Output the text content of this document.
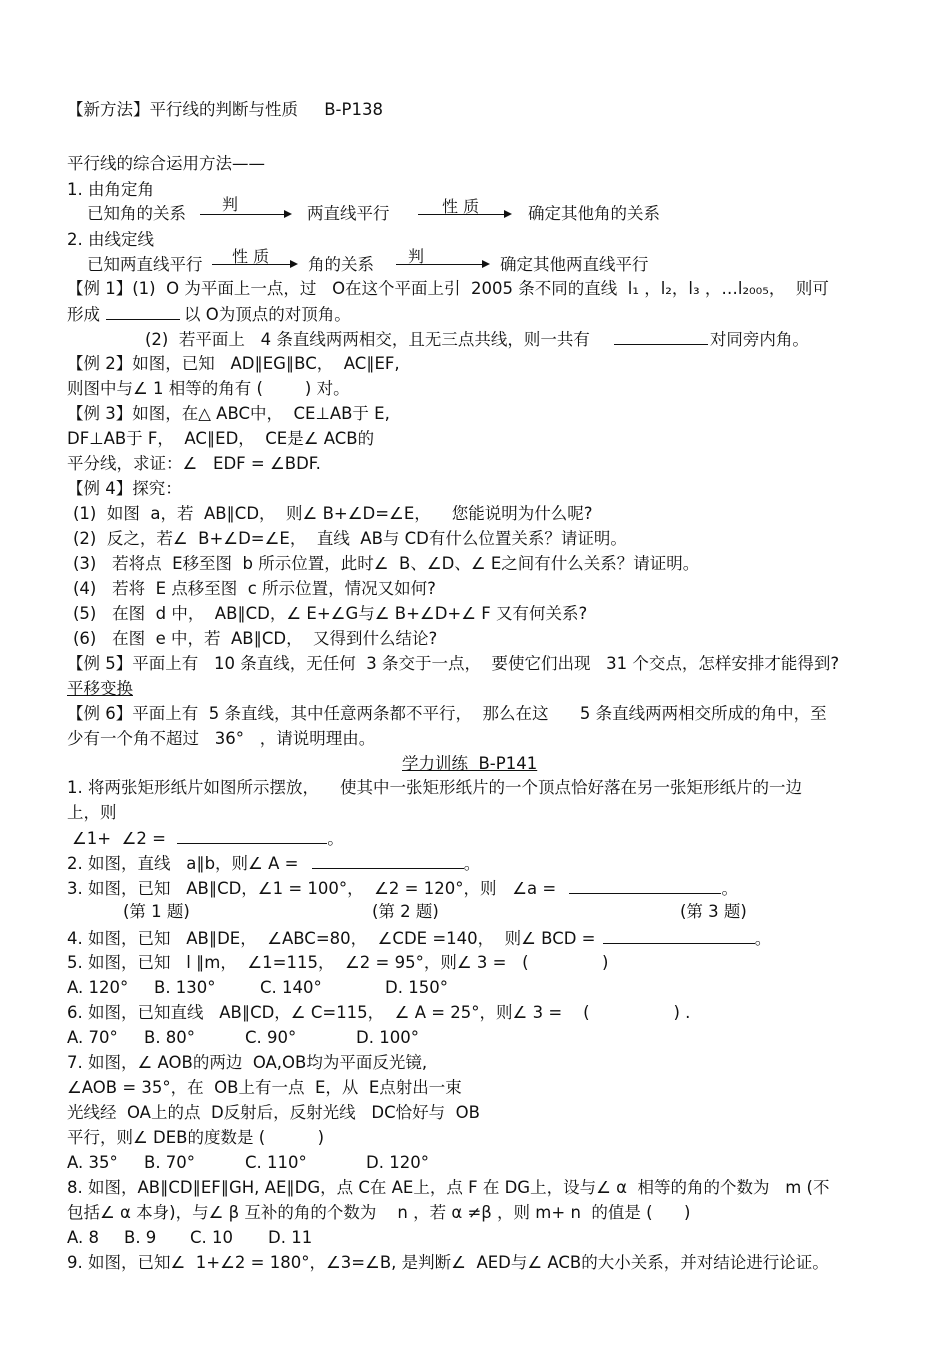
【新方法】平行线的判断与性质     B-P138
平行线的综合运用方法——
1. 由角定角
已知角的关系 判	两直线平行	性 质	确定其他角的关系
2. 由线定线
已知两直线平行 性 质 角的关系 判	确定其他两直线平行
【例 1】(1)  O 为平面上一点，过   O在这个平面上引  2005 条不同的直线  l₁ ，l₂，l₃ ，…l₂₀₀₅，  则可
形成	以 O为顶点的对顶角。
(2)  若平面上   4 条直线两两相交，且无三点共线，则一共有	对同旁内角。
【例 2】如图，已知   AD∥EG∥BC，  AC∥EF,
则图中与∠ 1 相等的角有 (        ) 对。
【例 3】如图，在△ ABC中，  CE⊥AB于 E,
DF⊥AB于 F，  AC∥ED，  CE是∠ ACB的
平分线，求证：∠   EDF = ∠BDF.
【例 4】探究：
(1)  如图  a，若  AB∥CD，  则∠ B+∠D=∠E，    您能说明为什么呢?
(2)  反之，若∠  B+∠D=∠E，  直线  AB与 CD有什么位置关系？请证明。
(3)   若将点  E移至图  b 所示位置，此时∠  B、∠D、∠ E之间有什么关系？请证明。
(4)   若将  E 点移至图  c 所示位置，情况又如何?
(5)   在图  d 中，  AB∥CD，∠ E+∠G与∠ B+∠D+∠ F 又有何关系?
(6)   在图  e 中，若  AB∥CD，  又得到什么结论?
【例 5】平面上有   10 条直线，无任何  3 条交于一点，  要使它们出现   31 个交点，怎样安排才能得到?
平移变换
【例 6】平面上有  5 条直线，其中任意两条都不平行，  那么在这      5 条直线两两相交所成的角中，至
少有一个角不超过   36°   ，请说明理由。
学力训练  B-P141
1. 将两张矩形纸片如图所示摆放，    使其中一张矩形纸片的一个顶点恰好落在另一张矩形纸片的一边
上，则
∠1+  ∠2 =	。
2. 如图，直线   a∥b，则∠ A =	。
3. 如图，已知   AB∥CD，∠1 = 100°，  ∠2 = 120°，则   ∠a =	。
(第 1 题)	(第 2 题)	(第 3 题)
4. 如图，已知   AB∥DE，  ∠ABC=80，  ∠CDE =140，  则∠ BCD =	。
5. 如图，已知   l ∥m，  ∠1=115，  ∠2 = 95°，则∠ 3 =   (              )
A. 120° B. 130°	C. 140°	D. 150°
6. 如图，已知直线   AB∥CD，∠ C=115，  ∠ A = 25°，则∠ 3 =    (                ) .
A. 70° B. 80°	C. 90°	D. 100°
7. 如图，∠ AOB的两边  OA,OB均为平面反光镜,
∠AOB = 35°，在  OB上有一点  E，从  E点射出一束
光线经  OA上的点  D反射后，反射光线   DC恰好与  OB
平行，则∠ DEB的度数是 (          )
A. 35° B. 70°	C. 110°	D. 120°
8. 如图，AB∥CD∥EF∥GH, AE∥DG，点 C在 AE上，点 F 在 DG上，设与∠ α  相等的角的个数为   m (不
包括∠ α 本身)，与∠ β 互补的角的个数为    n ，若 α ≠β ，则 m+ n  的值是 (      )
A. 8 B. 9 C. 10 D. 11
9. 如图，已知∠  1+∠2 = 180°，∠3=∠B, 是判断∠  AED与∠ ACB的大小关系，并对结论进行论证。
